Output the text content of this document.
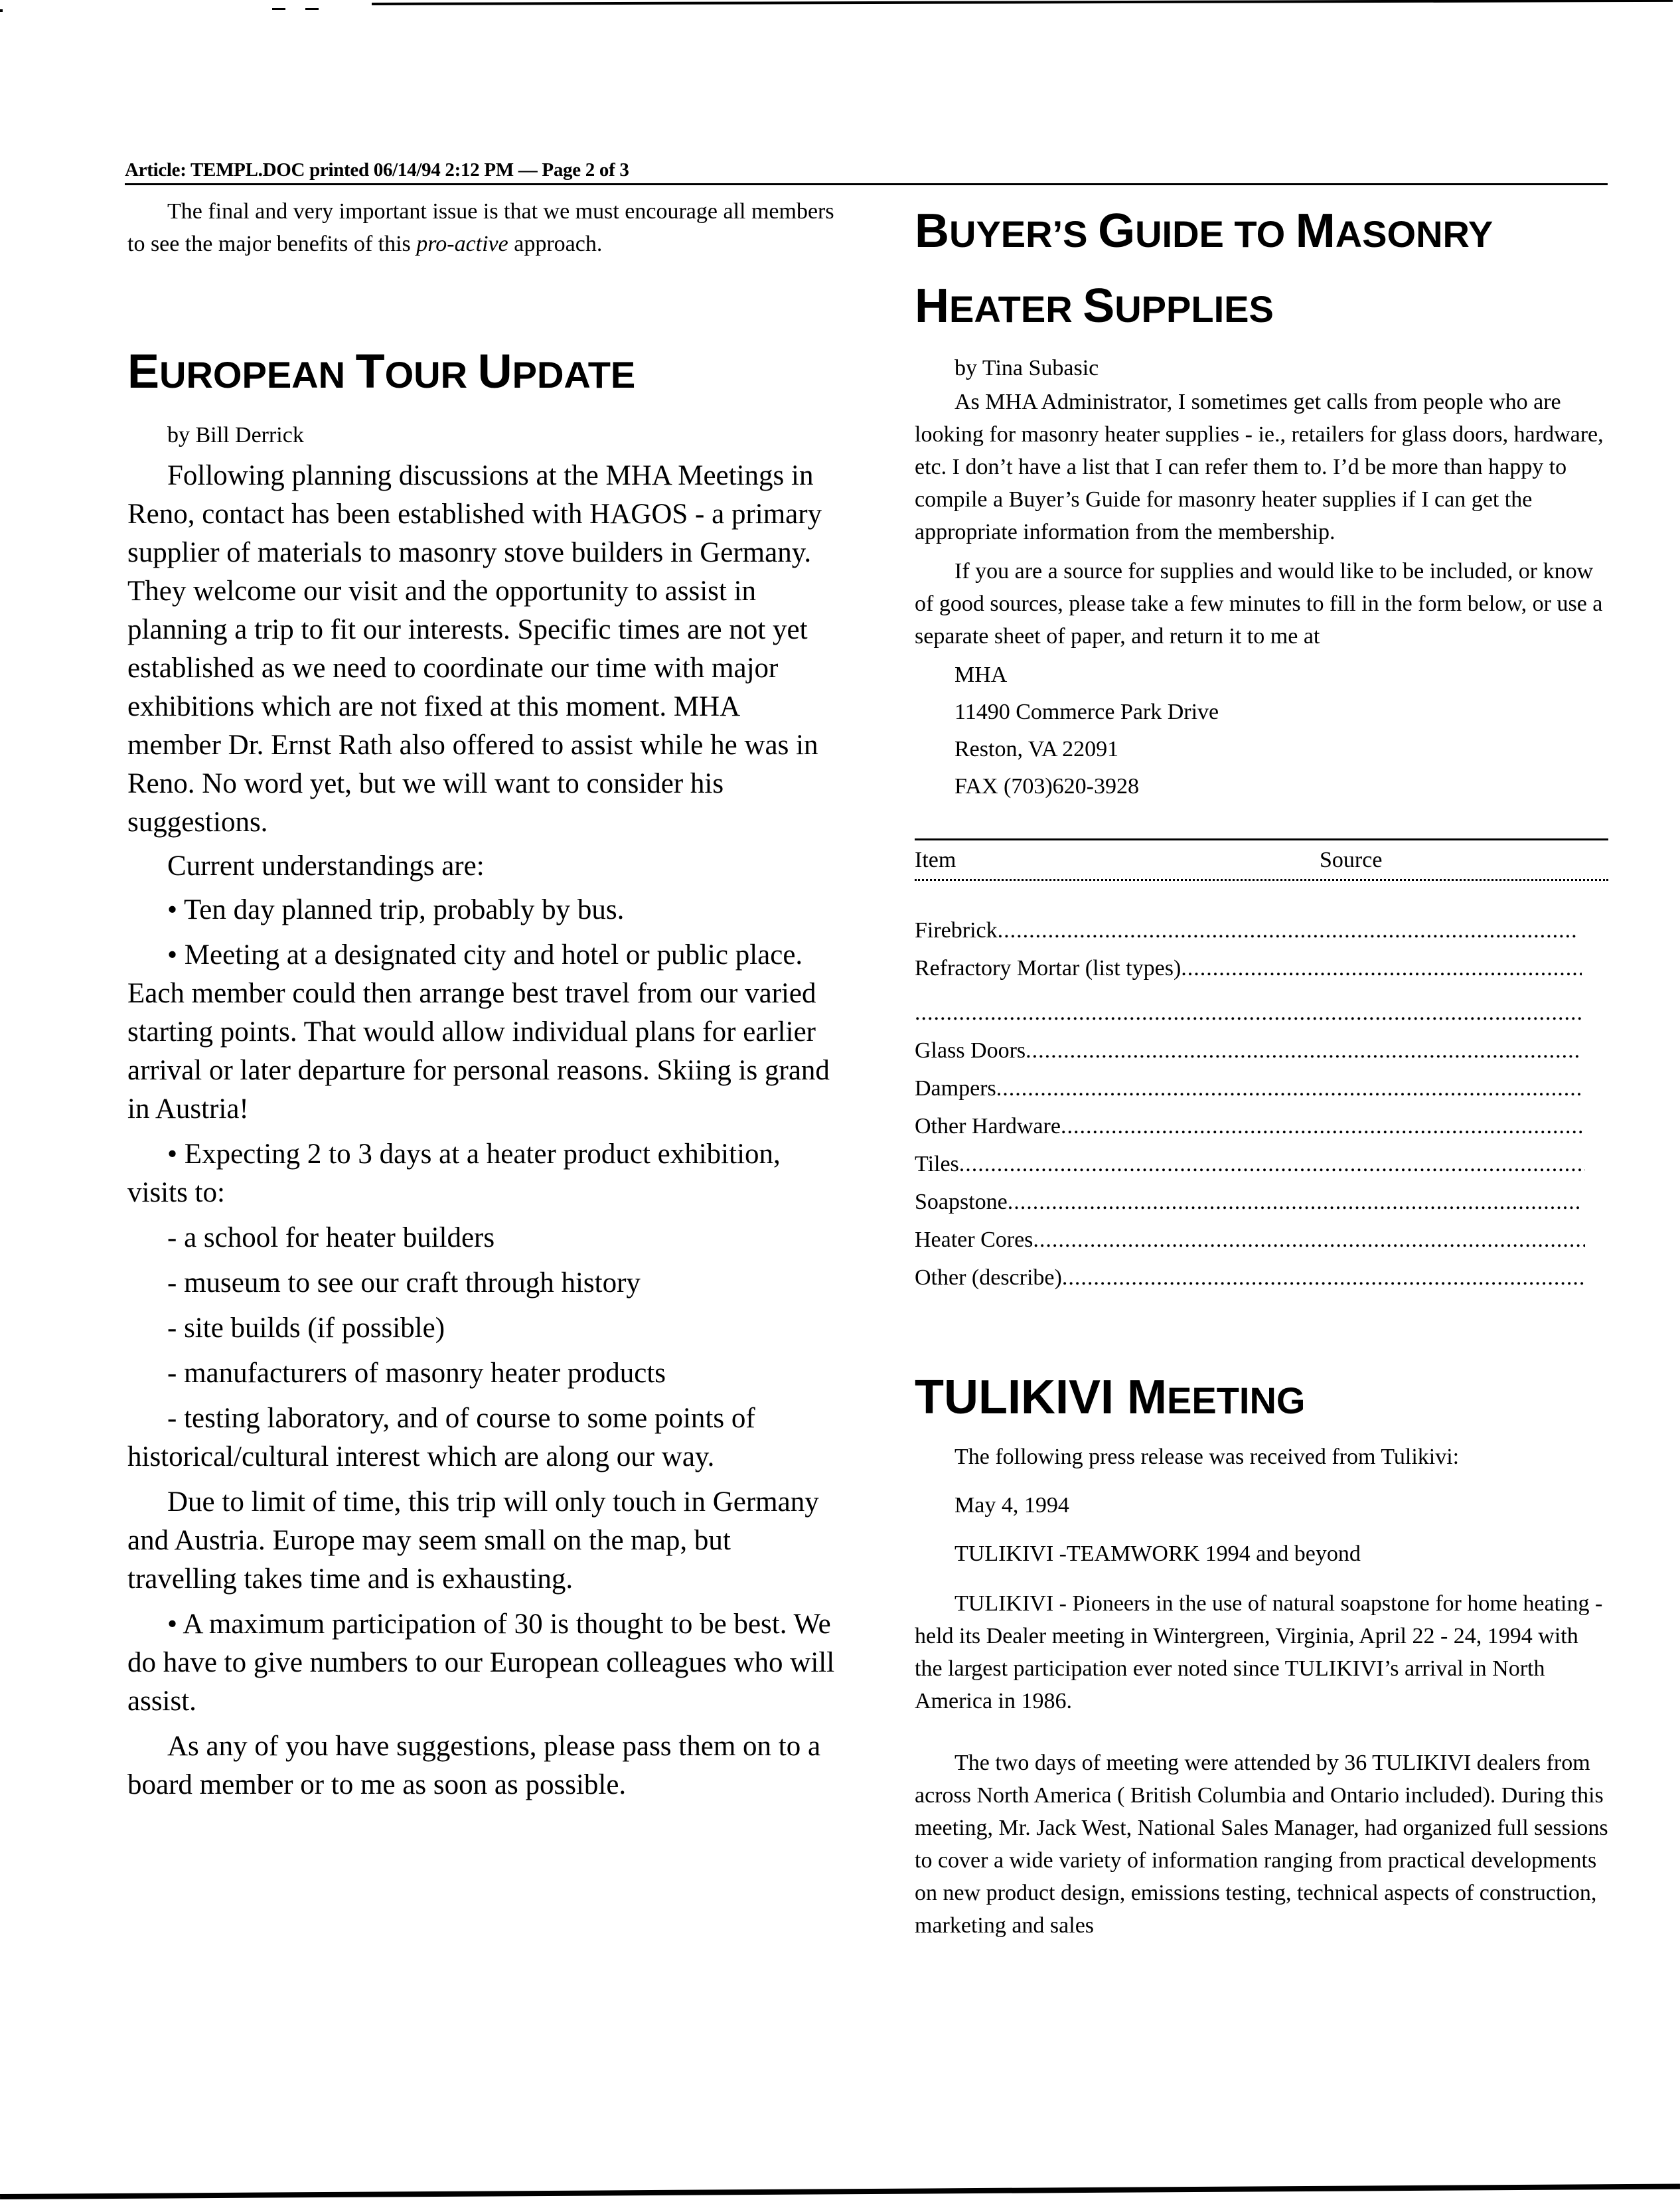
Article: TEMPL.DOC printed 06/14/94 2:12 PM — Page 2 of 3

The final and very important issue is that we must encourage all members to see the major benefits of this pro-active approach.

EUROPEAN TOUR UPDATE

by Bill Derrick

Following planning discussions at the MHA Meetings in Reno, contact has been established with HAGOS - a primary supplier of materials to masonry stove builders in Germany. They welcome our visit and the opportunity to assist in planning a trip to fit our interests. Specific times are not yet established as we need to coordinate our time with major exhibitions which are not fixed at this moment. MHA member Dr. Ernst Rath also offered to assist while he was in Reno. No word yet, but we will want to consider his suggestions.

Current understandings are:

• Ten day planned trip, probably by bus.

• Meeting at a designated city and hotel or public place. Each member could then arrange best travel from our varied starting points. That would allow individual plans for earlier arrival or later departure for personal reasons. Skiing is grand in Austria!

• Expecting 2 to 3 days at a heater product exhibition, visits to:

- a school for heater builders

- museum to see our craft through history

- site builds (if possible)

- manufacturers of masonry heater products

- testing laboratory, and of course to some points of historical/cultural interest which are along our way.

Due to limit of time, this trip will only touch in Germany and Austria. Europe may seem small on the map, but travelling takes time and is exhausting.

• A maximum participation of 30 is thought to be best. We do have to give numbers to our European colleagues who will assist.

As any of you have suggestions, please pass them on to a board member or to me as soon as possible.

BUYER’S GUIDE TO MASONRY
HEATER SUPPLIES

by Tina Subasic

As MHA Administrator, I sometimes get calls from people who are looking for masonry heater supplies - ie., retailers for glass doors, hardware, etc. I don’t have a list that I can refer them to. I’d be more than happy to compile a Buyer’s Guide for masonry heater supplies if I can get the appropriate information from the membership.

If you are a source for supplies and would like to be included, or know of good sources, please take a few minutes to fill in the form below, or use a separate sheet of paper, and return it to me at

MHA

11490 Commerce Park Drive

Reston, VA 22091

FAX (703)620-3928

Item	Source
Firebrick
.....
Refractory Mortar (list types)
.....
.....
Glass Doors
.....
Dampers
.....
Other Hardware
.....
Tiles
.....
Soapstone
.....
Heater Cores
.....
Other (describe)
.....
TULIKIVI MEETING

The following press release was received from Tulikivi:

May 4, 1994

TULIKIVI -TEAMWORK 1994 and beyond

TULIKIVI - Pioneers in the use of natural soapstone for home heating - held its Dealer meeting in Wintergreen, Virginia, April 22 - 24, 1994 with the largest participation ever noted since TULIKIVI’s arrival in North America in 1986.

The two days of meeting were attended by 36 TULIKIVI dealers from across North America ( British Columbia and Ontario included). During this meeting, Mr. Jack West, National Sales Manager, had organized full sessions to cover a wide variety of information ranging from practical developments on new product design, emissions testing, technical aspects of construction, marketing and sales
